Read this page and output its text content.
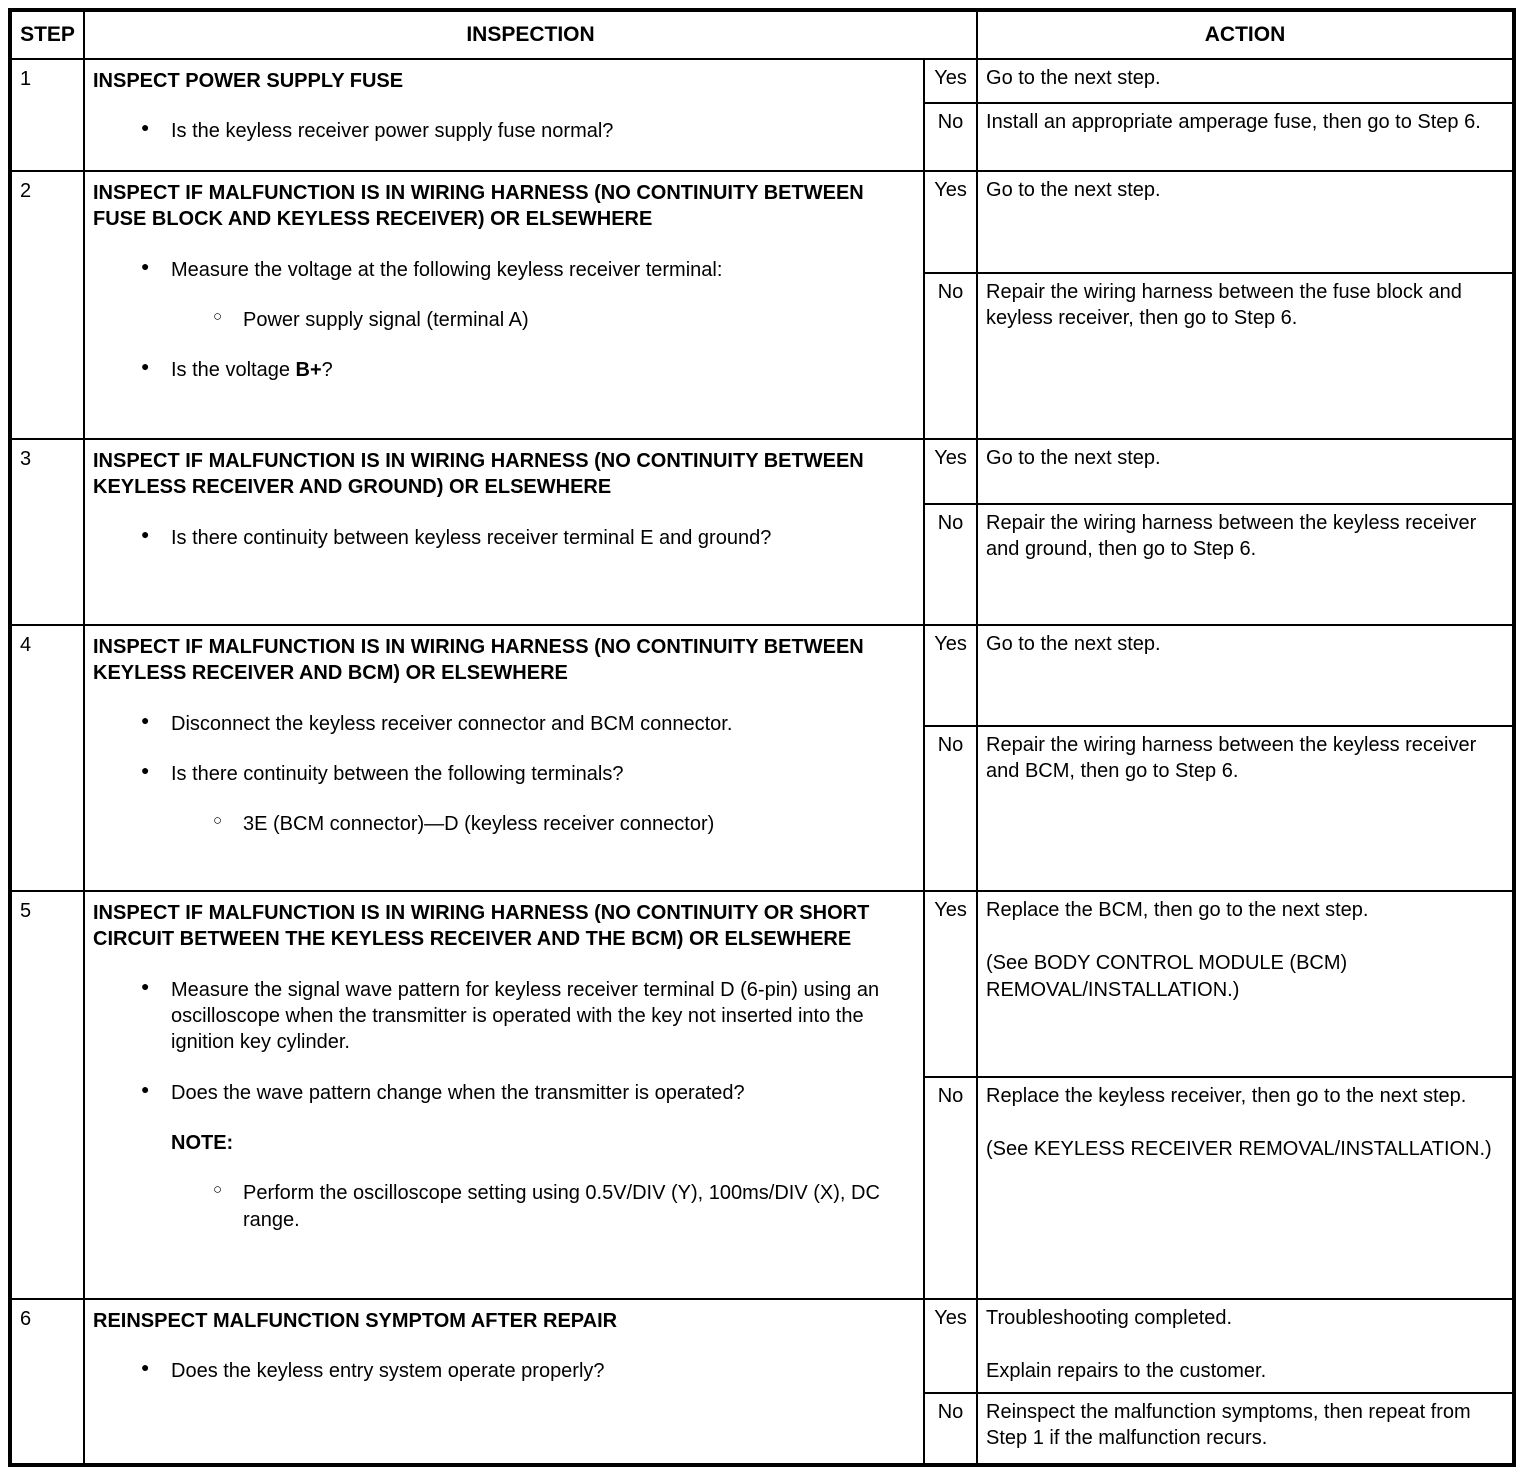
STEP	INSPECTION		ACTION
1	INSPECT POWER SUPPLY FUSE
● Is the keyless receiver power supply fuse normal?	Yes	Go to the next step.

		No	Install an appropriate amperage fuse, then go to Step 6.

2	INSPECT IF MALFUNCTION IS IN WIRING HARNESS (NO CONTINUITY BETWEEN FUSE BLOCK AND KEYLESS RECEIVER) OR ELSEWHERE
●	Measure the voltage at the following keyless receiver terminal:
○	Power supply signal (terminal A)
●	Is the voltage B+?
	Yes	Go to the next step.

		No	Repair the wiring harness between the fuse block and keyless receiver, then go to Step 6.

3	INSPECT IF MALFUNCTION IS IN WIRING HARNESS (NO CONTINUITY BETWEEN KEYLESS RECEIVER AND GROUND) OR ELSEWHERE
● Is there continuity between keyless receiver terminal E and ground?	Yes	Go to the next step.

		No	Repair the wiring harness between the keyless receiver and ground, then go to Step 6.

4	INSPECT IF MALFUNCTION IS IN WIRING HARNESS (NO CONTINUITY BETWEEN KEYLESS RECEIVER AND BCM) OR ELSEWHERE
●	Disconnect the keyless receiver connector and BCM connector.
●	Is there continuity between the following terminals?
○	3E (BCM connector)—D (keyless receiver connector)
	Yes	Go to the next step.

		No	Repair the wiring harness between the keyless receiver and BCM, then go to Step 6.

5	INSPECT IF MALFUNCTION IS IN WIRING HARNESS (NO CONTINUITY OR SHORT CIRCUIT BETWEEN THE KEYLESS RECEIVER AND THE BCM) OR ELSEWHERE
●	Measure the signal wave pattern for keyless receiver terminal D (6-pin) using an oscilloscope when the transmitter is operated with the key not inserted into the ignition key cylinder.
●	Does the wave pattern change when the transmitter is operated?
NOTE:
○	Perform the oscilloscope setting using 0.5V/DIV (Y), 100ms/DIV (X), DC range.
	Yes	Replace the BCM, then go to the next step.

(See BODY CONTROL MODULE (BCM) REMOVAL/INSTALLATION.)

		No	Replace the keyless receiver, then go to the next step.

(See KEYLESS RECEIVER REMOVAL/INSTALLATION.)

6	REINSPECT MALFUNCTION SYMPTOM AFTER REPAIR
●	Does the keyless entry system operate properly?
	Yes	Troubleshooting completed.

Explain repairs to the customer.

		No	Reinspect the malfunction symptoms, then repeat from Step 1 if the malfunction recurs.
